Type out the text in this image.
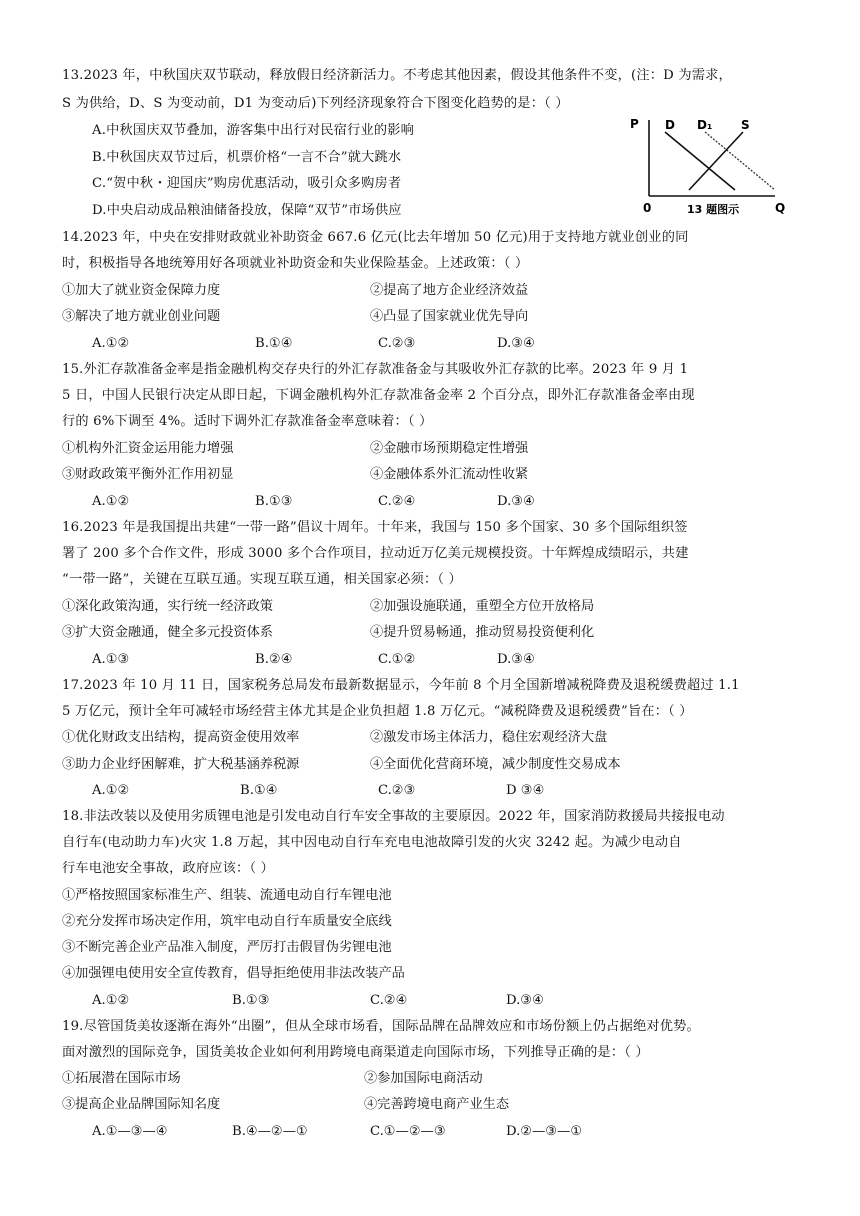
13.2023 年，中秋国庆双节联动，释放假日经济新活力。不考虑其他因素，假设其他条件不变，(注：D 为需求，
S 为供给，D、S 为变动前，D1 为变动后)下列经济现象符合下图变化趋势的是：（ ）
A.中秋国庆双节叠加，游客集中出行对民宿行业的影响
B.中秋国庆双节过后，机票价格“一言不合”就大跳水
C.“贺中秋・迎国庆”购房优惠活动，吸引众多购房者
D.中央启动成品粮油储备投放，保障“双节”市场供应
P D D₁ S
0	Q
13 题图示
14.2023 年，中央在安排财政就业补助资金 667.6 亿元(比去年增加 50 亿元)用于支持地方就业创业的同
时，积极指导各地统筹用好各项就业补助资金和失业保险基金。上述政策：（ ）
①加大了就业资金保障力度	②提高了地方企业经济效益
③解决了地方就业创业问题	④凸显了国家就业优先导向
A.①②	B.①④	C.②③	D.③④
15.外汇存款准备金率是指金融机构交存央行的外汇存款准备金与其吸收外汇存款的比率。2023 年 9 月 1
5 日，中国人民银行决定从即日起，下调金融机构外汇存款准备金率 2 个百分点，即外汇存款准备金率由现
行的 6%下调至 4%。适时下调外汇存款准备金率意味着：（ ）
①机构外汇资金运用能力增强	②金融市场预期稳定性增强
③财政政策平衡外汇作用初显	④金融体系外汇流动性收紧
A.①②	B.①③	C.②④	D.③④
16.2023 年是我国提出共建“一带一路”倡议十周年。十年来，我国与 150 多个国家、30 多个国际组织签
署了 200 多个合作文件，形成 3000 多个合作项目，拉动近万亿美元规模投资。十年辉煌成绩昭示，共建
“一带一路”，关键在互联互通。实现互联互通，相关国家必须：（ ）
①深化政策沟通，实行统一经济政策	②加强设施联通，重塑全方位开放格局
③扩大资金融通，健全多元投资体系	④提升贸易畅通，推动贸易投资便利化
A.①③	B.②④	C.①②	D.③④
17.2023 年 10 月 11 日，国家税务总局发布最新数据显示，今年前 8 个月全国新增减税降费及退税缓费超过 1.1
5 万亿元，预计全年可减轻市场经营主体尤其是企业负担超 1.8 万亿元。“减税降费及退税缓费”旨在：（ ）
①优化财政支出结构，提高资金使用效率	②激发市场主体活力，稳住宏观经济大盘
③助力企业纾困解难，扩大税基涵养税源	④全面优化营商环境，减少制度性交易成本
A.①②	B.①④	C.②③	D ③④
18.非法改装以及使用劣质锂电池是引发电动自行车安全事故的主要原因。2022 年，国家消防救援局共接报电动
自行车(电动助力车)火灾 1.8 万起，其中因电动自行车充电电池故障引发的火灾 3242 起。为减少电动自
行车电池安全事故，政府应该：（ ）
①严格按照国家标准生产、组装、流通电动自行车锂电池
②充分发挥市场决定作用，筑牢电动自行车质量安全底线
③不断完善企业产品准入制度，严厉打击假冒伪劣锂电池
④加强锂电使用安全宣传教育，倡导拒绝使用非法改装产品
A.①②	B.①③	C.②④	D.③④
19.尽管国货美妆逐渐在海外“出圈”，但从全球市场看，国际品牌在品牌效应和市场份额上仍占据绝对优势。
面对激烈的国际竞争，国货美妆企业如何利用跨境电商渠道走向国际市场，下列推导正确的是：（ ）
①拓展潜在国际市场	②参加国际电商活动
③提高企业品牌国际知名度	④完善跨境电商产业生态
A.①—③—④	B.④—②—①	C.①—②—③	D.②—③—①
